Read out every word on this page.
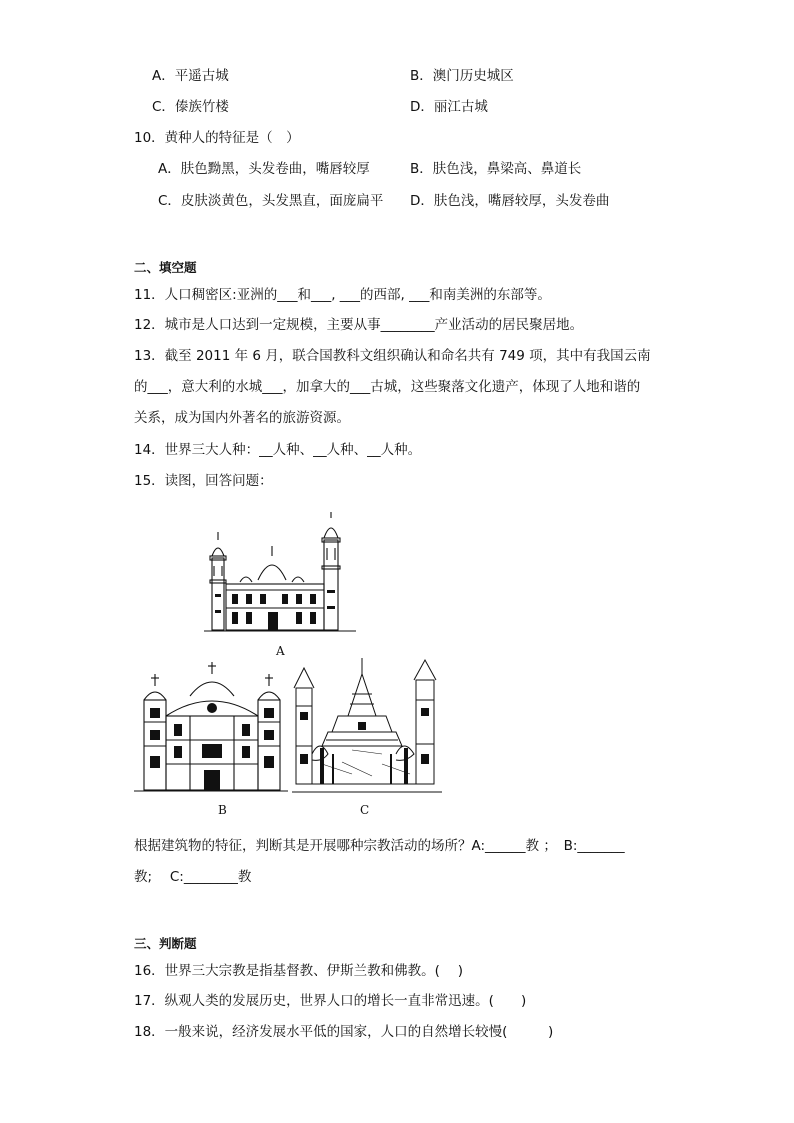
A．平遥古城	B．澳门历史城区
C．傣族竹楼	D．丽江古城
10．黄种人的特征是（　）
A．肤色黝黑，头发卷曲，嘴唇较厚	B．肤色浅，鼻梁高、鼻道长
C．皮肤淡黄色，头发黑直，面庞扁平 D．肤色浅，嘴唇较厚，头发卷曲
二、填空题
11．人口稠密区:亚洲的___和___, ___的西部, ___和南美洲的东部等。
12．城市是人口达到一定规模，主要从事________产业活动的居民聚居地。
13．截至 2011 年 6 月，联合国教科文组织确认和命名共有 749 项，其中有我国云南
的___，意大利的水城___，加拿大的___古城，这些聚落文化遗产，体现了人地和谐的
关系，成为国内外著名的旅游资源。
14．世界三大人种：__人种、__人种、__人种。
15．读图，回答问题：
A
B	C
根据建筑物的特征，判断其是开展哪种宗教活动的场所？A:______教 ；　B:_______
教;　 C:________教
三、判断题
16．世界三大宗教是指基督教、伊斯兰教和佛教。(　 )
17．纵观人类的发展历史，世界人口的增长一直非常迅速。(　　)
18．一般来说，经济发展水平低的国家，人口的自然增长较慢(　　　)
